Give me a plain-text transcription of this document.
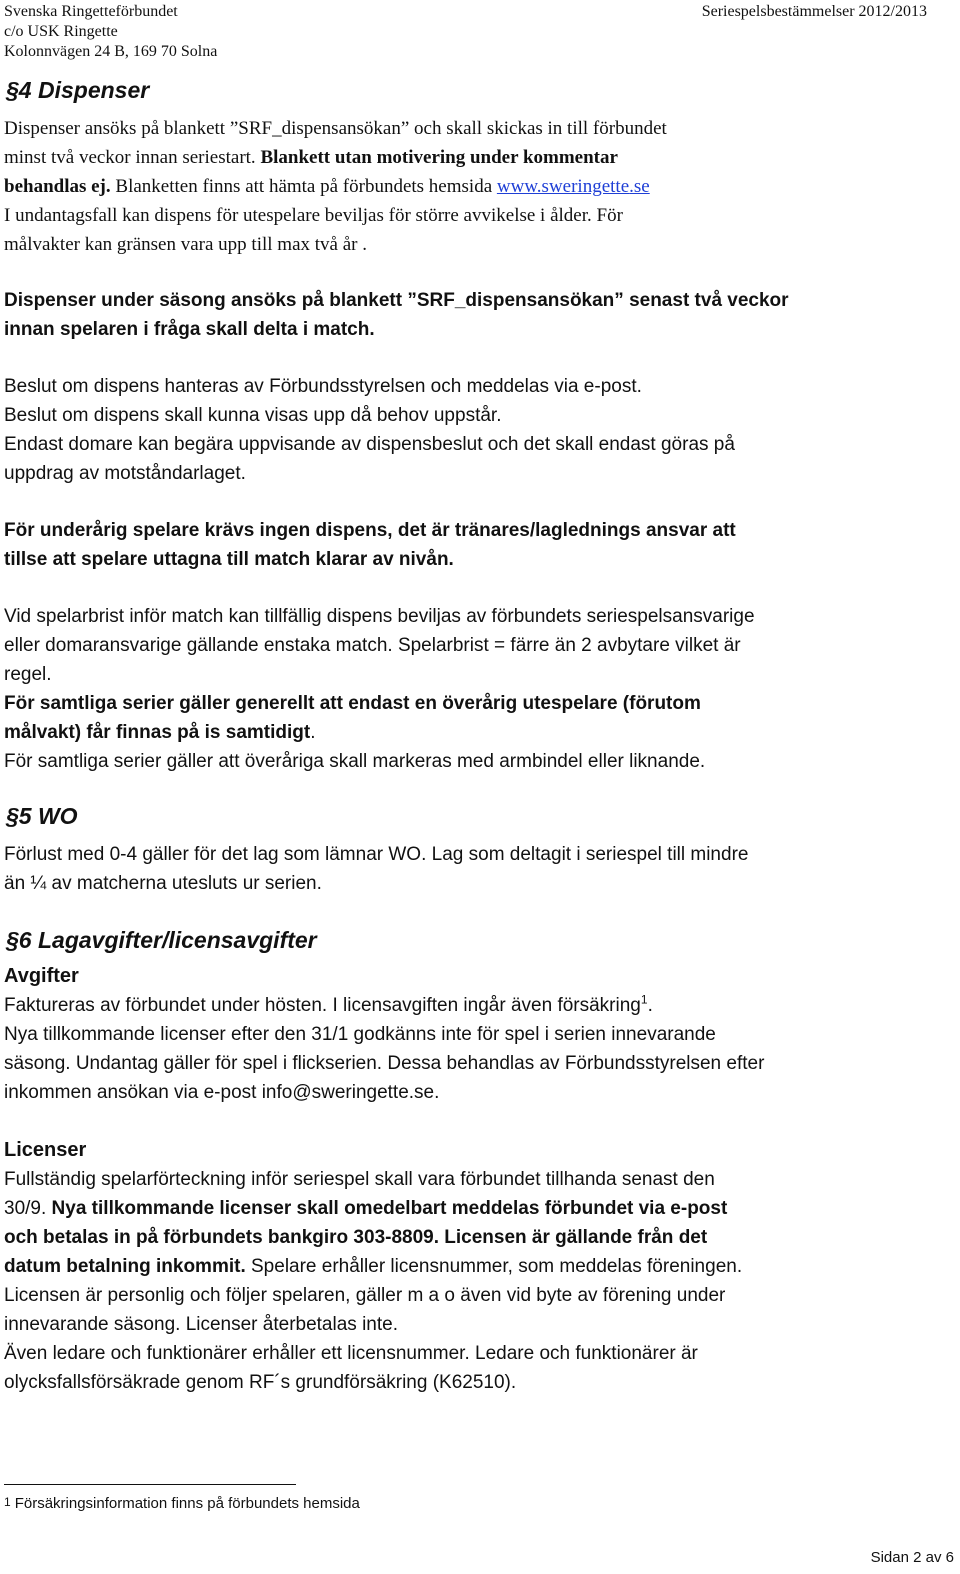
Svenska Ringetteförbundet
c/o USK Ringette
Kolonnvägen 24 B, 169 70 Solna
Seriespelsbestämmelser 2012/2013
§4 Dispenser
Dispenser ansöks på blankett ”SRF_dispensansökan” och skall skickas in till förbundet
minst två veckor innan seriestart. Blankett utan motivering under kommentar
behandlas ej. Blanketten finns att hämta på förbundets hemsida www.sweringette.se
I undantagsfall kan dispens för utespelare beviljas för större avvikelse i ålder. För
målvakter kan gränsen vara upp till max två år .
Dispenser under säsong ansöks på blankett ”SRF_dispensansökan” senast två veckor
innan spelaren i fråga skall delta i match.
Beslut om dispens hanteras av Förbundsstyrelsen och meddelas via e-post.
Beslut om dispens skall kunna visas upp då behov uppstår.
Endast domare kan begära uppvisande av dispensbeslut och det skall endast göras på
uppdrag av motståndarlaget.
För underårig spelare krävs ingen dispens, det är tränares/laglednings ansvar att
tillse att spelare uttagna till match klarar av nivån.
Vid spelarbrist inför match kan tillfällig dispens beviljas av förbundets seriespelsansvarige
eller domaransvarige gällande enstaka match. Spelarbrist = färre än 2 avbytare vilket är
regel.
För samtliga serier gäller generellt att endast en överårig utespelare (förutom
målvakt) får finnas på is samtidigt.
För samtliga serier gäller att överåriga skall markeras med armbindel eller liknande.
§5 WO
Förlust med 0-4 gäller för det lag som lämnar WO. Lag som deltagit i seriespel till mindre
än ¼ av matcherna utesluts ur serien.
§6 Lagavgifter/licensavgifter
Avgifter
Faktureras av förbundet under hösten. I licensavgiften ingår även försäkring$^1$.
Nya tillkommande licenser efter den 31/1 godkänns inte för spel i serien innevarande
säsong. Undantag gäller för spel i flickserien. Dessa behandlas av Förbundsstyrelsen efter
inkommen ansökan via e-post info@sweringette.se.
Licenser
Fullständig spelarförteckning inför seriespel skall vara förbundet tillhanda senast den
30/9. Nya tillkommande licenser skall omedelbart meddelas förbundet via e-post
och betalas in på förbundets bankgiro 303-8809. Licensen är gällande från det
datum betalning inkommit. Spelare erhåller licensnummer, som meddelas föreningen.
Licensen är personlig och följer spelaren, gäller m a o även vid byte av förening under
innevarande säsong. Licenser återbetalas inte.
Även ledare och funktionärer erhåller ett licensnummer. Ledare och funktionärer är
olycksfallsförsäkrade genom RF´s grundförsäkring (K62510).
1 Försäkringsinformation finns på förbundets hemsida
Sidan 2 av 6
